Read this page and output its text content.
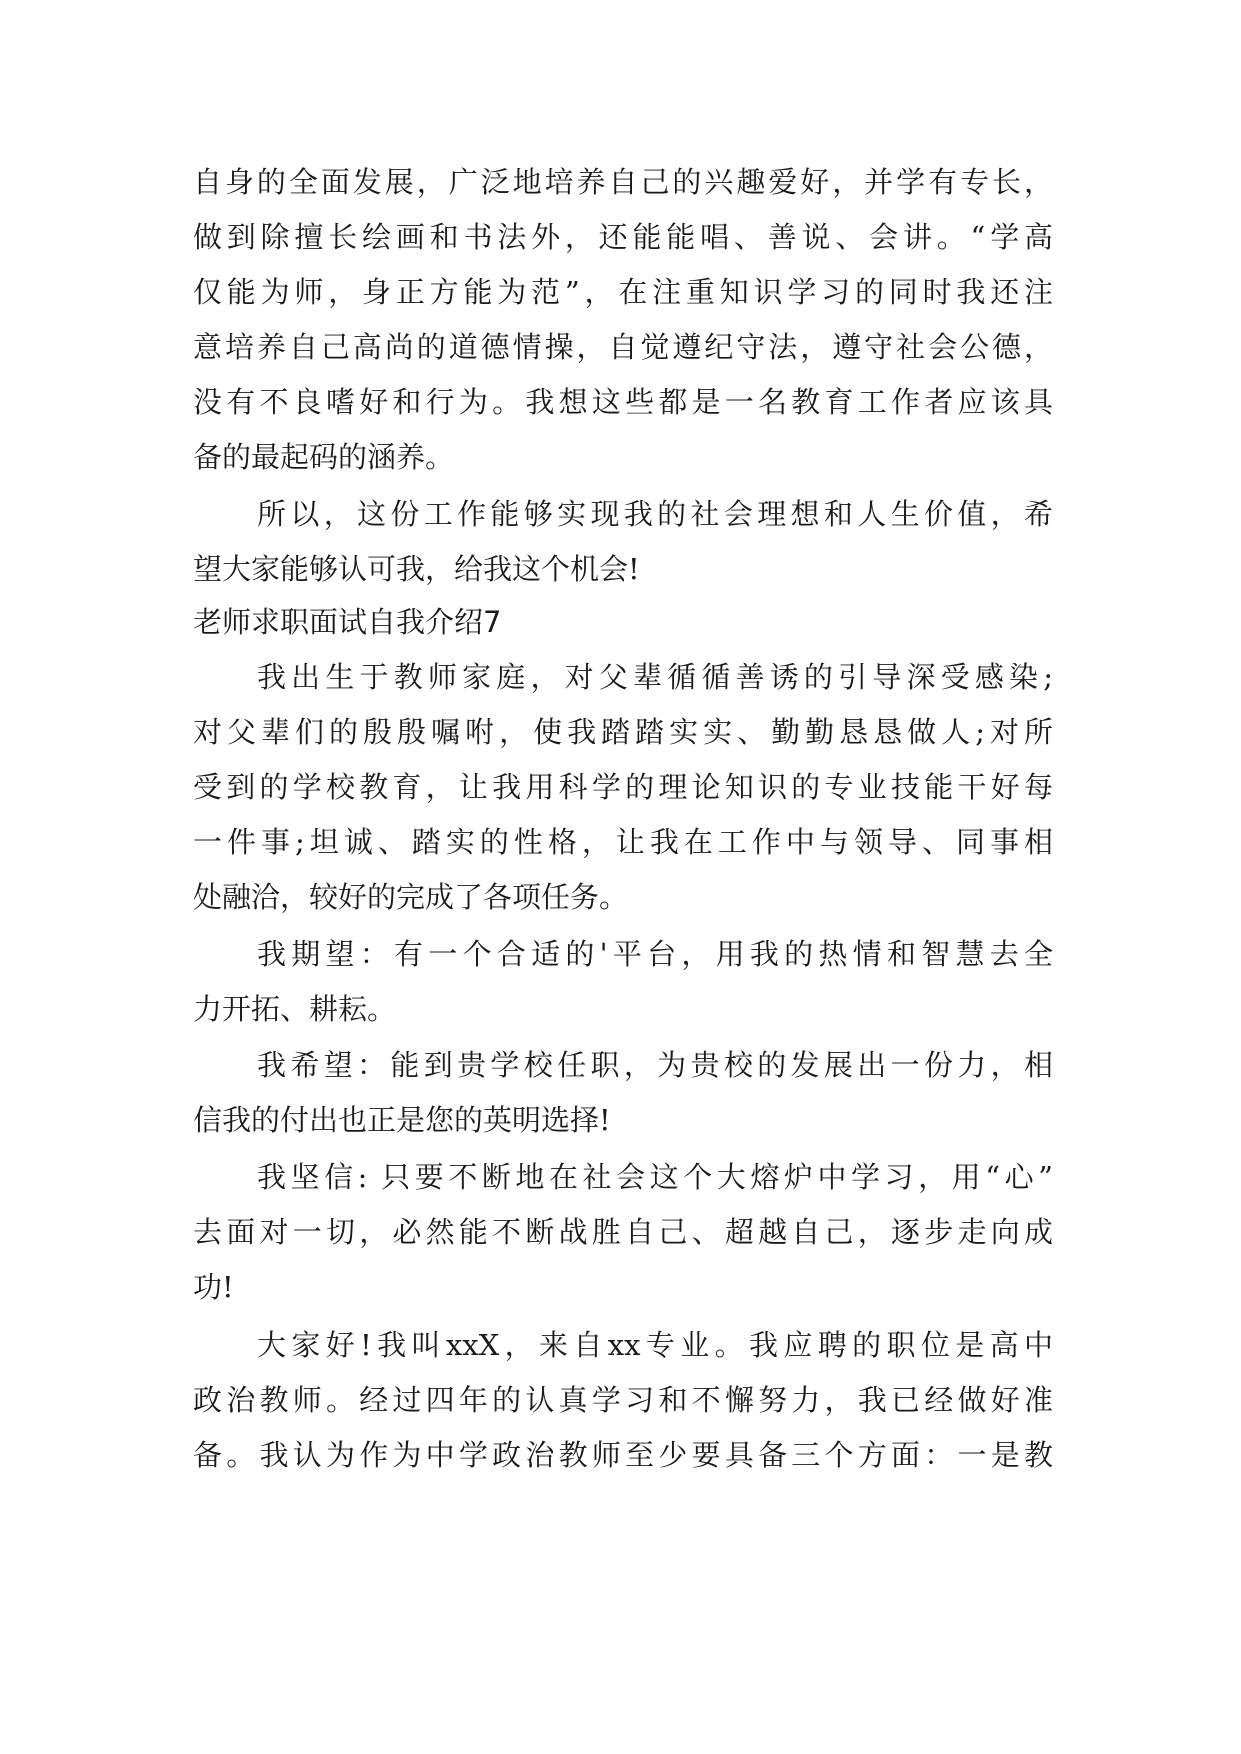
自身的全面发展，广泛地培养自己的兴趣爱好，并学有专长，
做到除擅长绘画和书法外，还能能唱、善说、会讲。“学高
仅能为师，身正方能为范”，在注重知识学习的同时我还注
意培养自己高尚的道德情操，自觉遵纪守法，遵守社会公德，
没有不良嗜好和行为。我想这些都是一名教育工作者应该具
备的最起码的涵养。
所以，这份工作能够实现我的社会理想和人生价值，希
望大家能够认可我，给我这个机会!
老师求职面试自我介绍7
我出生于教师家庭，对父辈循循善诱的引导深受感染;
对父辈们的殷殷嘱咐，使我踏踏实实、勤勤恳恳做人;对所
受到的学校教育，让我用科学的理论知识的专业技能干好每
一件事;坦诚、踏实的性格，让我在工作中与领导、同事相
处融洽，较好的完成了各项任务。
我期望：有一个合适的'平台，用我的热情和智慧去全
力开拓、耕耘。
我希望：能到贵学校任职，为贵校的发展出一份力，相
信我的付出也正是您的英明选择!
我坚信: 只要不断地在社会这个大熔炉中学习，用“心”
去面对一切，必然能不断战胜自己、超越自己，逐步走向成
功!
大家好!我叫xxX，来自xx专业。我应聘的职位是高中
政治教师。经过四年的认真学习和不懈努力，我已经做好准
备。我认为作为中学政治教师至少要具备三个方面：一是教
